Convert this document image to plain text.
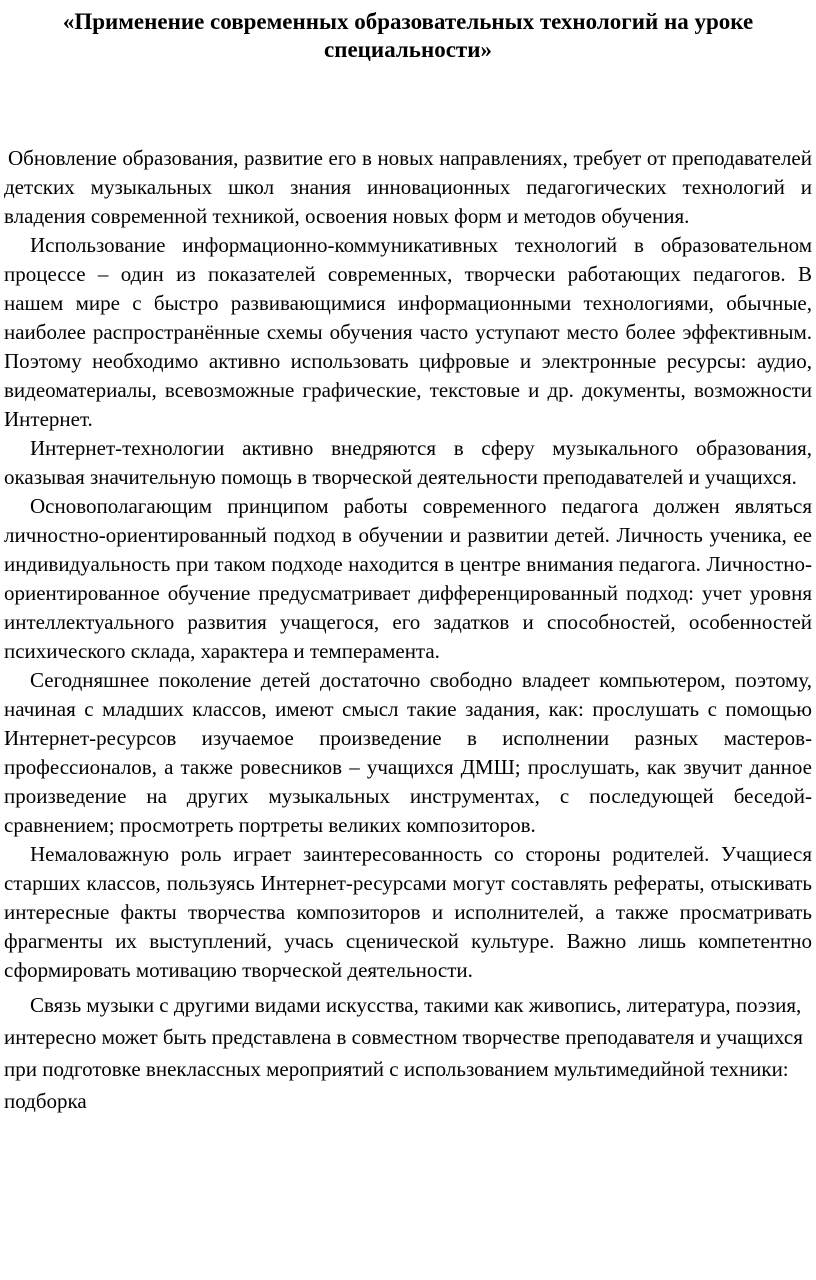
«Применение современных образовательных технологий на уроке специальности»

Обновление образования, развитие его в новых направлениях, требует от преподавателей детских музыкальных школ знания инновационных педагогических технологий и владения современной техникой, освоения новых форм и методов обучения.

Использование информационно-коммуникативных технологий в образовательном процессе – один из показателей современных, творчески работающих педагогов. В нашем мире с быстро развивающимися информационными технологиями, обычные, наиболее распространённые схемы обучения часто уступают место более эффективным. Поэтому необходимо активно использовать цифровые и электронные ресурсы: аудио, видеоматериалы, всевозможные графические, текстовые и др. документы, возможности Интернет.

Интернет-технологии активно внедряются в сферу музыкального образования, оказывая значительную помощь в творческой деятельности преподавателей и учащихся.

Основополагающим принципом работы современного педагога должен являться личностно-ориентированный подход в обучении и развитии детей. Личность ученика, ее индивидуальность при таком подходе находится в центре внимания педагога. Личностно-ориентированное обучение предусматривает дифференцированный подход: учет уровня интеллектуального развития учащегося, его задатков и способностей, особенностей психического склада, характера и темперамента.

Сегодняшнее поколение детей достаточно свободно владеет компьютером, поэтому, начиная с младших классов, имеют смысл такие задания, как: прослушать с помощью Интернет-ресурсов изучаемое произведение в исполнении разных мастеров-профессионалов, а также ровесников – учащихся ДМШ; прослушать, как звучит данное произведение на других музыкальных инструментах, с последующей беседой-сравнением; просмотреть портреты великих композиторов.

Немаловажную роль играет заинтересованность со стороны родителей. Учащиеся старших классов, пользуясь Интернет-ресурсами могут составлять рефераты, отыскивать интересные факты творчества композиторов и исполнителей, а также просматривать фрагменты их выступлений, учась сценической культуре. Важно лишь компетентно сформировать мотивацию творческой деятельности.

Связь музыки с другими видами искусства, такими как живопись, литература, поэзия, интересно может быть представлена в совместном творчестве преподавателя и учащихся при подготовке внеклассных мероприятий с использованием мультимедийной техники: подборка
